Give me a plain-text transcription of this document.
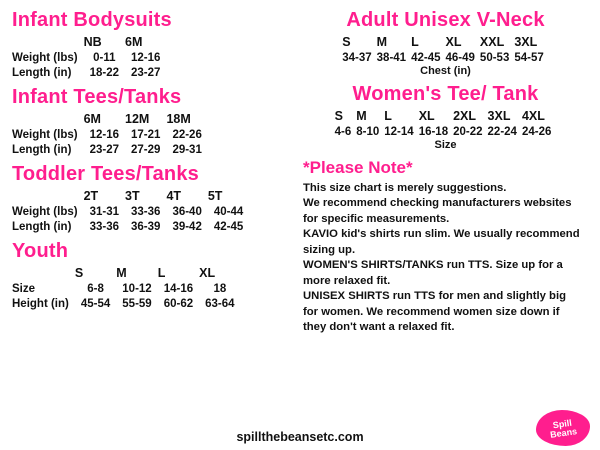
Infant Bodysuits
	NB	6M
Weight (lbs)	0-11	12-16
Length (in)	18-22	23-27
Infant Tees/Tanks
	6M	12M	18M
Weight (lbs)	12-16	17-21	22-26
Length (in)	23-27	27-29	29-31
Toddler Tees/Tanks
	2T	3T	4T	5T
Weight (lbs)	31-31	33-36	36-40	40-44
Length (in)	33-36	36-39	39-42	42-45
Youth
	S	M	L	XL
Size	6-8	10-12	14-16	18
Height (in)	45-54	55-59	60-62	63-64
Adult Unisex V-Neck
S	M	L	XL	XXL	3XL
34-37	38-41	42-45	46-49	50-53	54-57
Chest (in)
Women's Tee/ Tank
S	M	L	XL	2XL	3XL	4XL
4-6	8-10	12-14	16-18	20-22	22-24	24-26
Size
*Please Note*

This size chart is merely suggestions.

We recommend checking manufacturers websites

for specific measurements.

KAVIO kid's shirts run slim. We usually recommend

sizing up.

WOMEN'S SHIRTS/TANKS run TTS. Size up for a

more relaxed fit.

UNISEX SHIRTS run TTS for men and slightly big

for women. We recommend women size down if

they don't want a relaxed fit.

spillthebeansetc.com
Spill Beans
